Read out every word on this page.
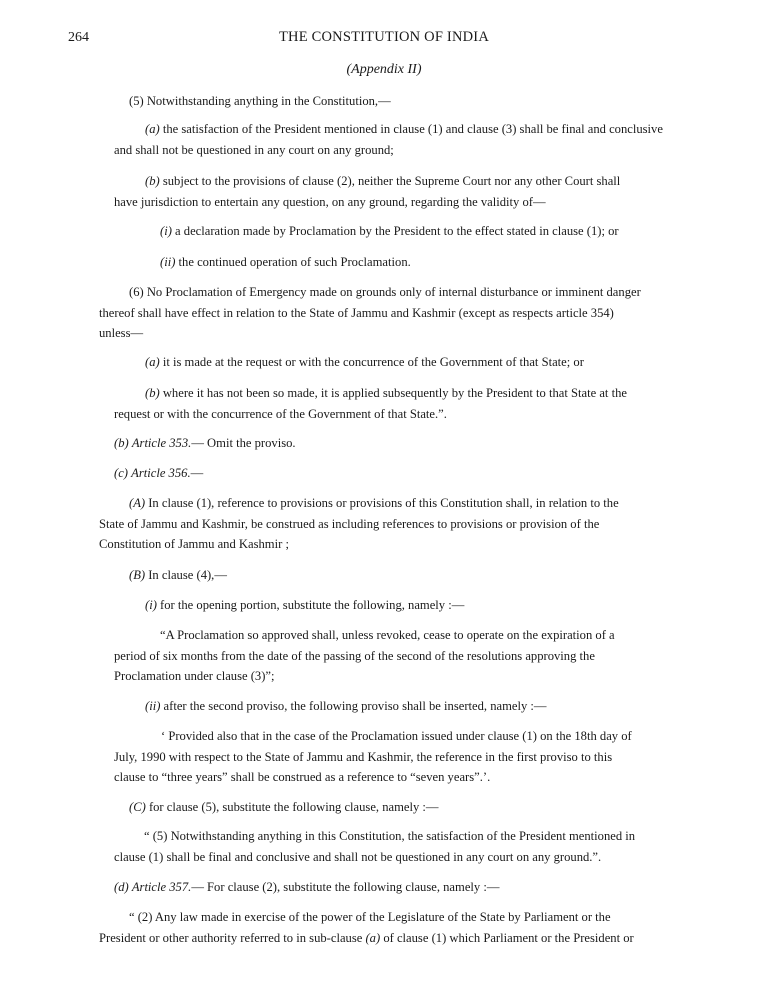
264	THE CONSTITUTION OF INDIA
(Appendix II)

(5) Notwithstanding anything in the Constitution,—

(a) the satisfaction of the President mentioned in clause (1) and clause (3) shall be final and conclusive

and shall not be questioned in any court on any ground;

(b) subject to the provisions of clause (2), neither the Supreme Court nor any other Court shall

have jurisdiction to entertain any question, on any ground, regarding the validity of—

(i) a declaration made by Proclamation by the President to the effect stated in clause (1); or

(ii) the continued operation of such Proclamation.

(6) No Proclamation of Emergency made on grounds only of internal disturbance or imminent danger

thereof shall have effect in relation to the State of Jammu and Kashmir (except as respects article 354)

unless—

(a) it is made at the request or with the concurrence of the Government of that State; or

(b) where it has not been so made, it is applied subsequently by the President to that State at the

request or with the concurrence of the Government of that State.”.

(b) Article 353.— Omit the proviso.

(c) Article 356.—

(A) In clause (1), reference to provisions or provisions of this Constitution shall, in relation to the

State of Jammu and Kashmir, be construed as including references to provisions or provision of the

Constitution of Jammu and Kashmir ;

(B) In clause (4),—

(i) for the opening portion, substitute the following, namely :—

“A Proclamation so approved shall, unless revoked, cease to operate on the expiration of a

period of six months from the date of the passing of the second of the resolutions approving the

Proclamation under clause (3)”;

(ii) after the second proviso, the following proviso shall be inserted, namely :—

‘ Provided also that in the case of the Proclamation issued under clause (1) on the 18th day of

July, 1990 with respect to the State of Jammu and Kashmir, the reference in the first proviso to this

clause to “three years” shall be construed as a reference to “seven years”.’.

(C) for clause (5), substitute the following clause, namely :—

“ (5) Notwithstanding anything in this Constitution, the satisfaction of the President mentioned in

clause (1) shall be final and conclusive and shall not be questioned in any court on any ground.”.

(d) Article 357.— For clause (2), substitute the following clause, namely :—

“ (2) Any law made in exercise of the power of the Legislature of the State by Parliament or the

President or other authority referred to in sub-clause (a) of clause (1) which Parliament or the President or
